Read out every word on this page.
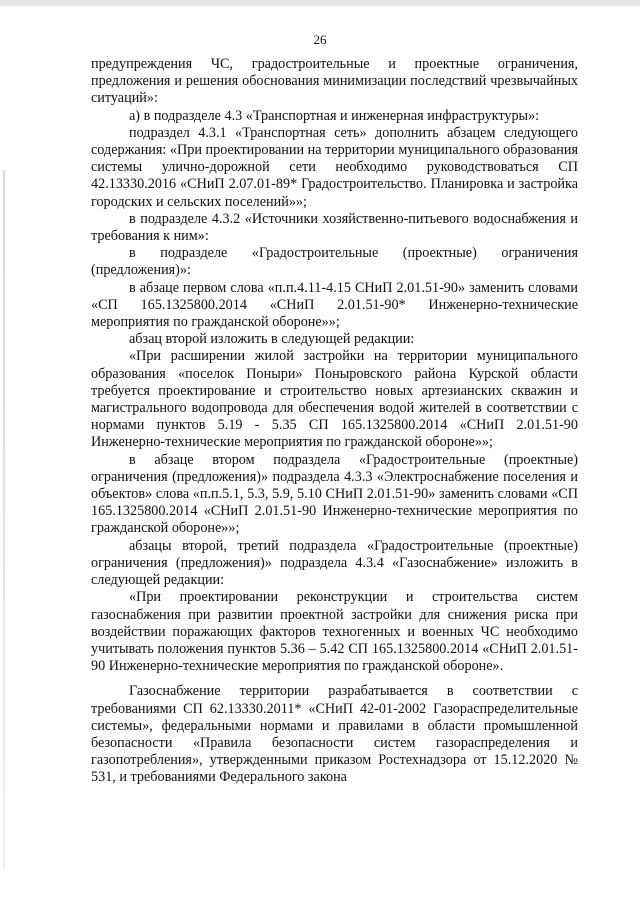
26

предупреждения ЧС, градостроительные и проектные ограничения, предложения и решения обоснования минимизации последствий чрезвычайных ситуаций»:

а) в подразделе 4.3 «Транспортная и инженерная инфраструктуры»:

подраздел 4.3.1 «Транспортная сеть» дополнить абзацем следующего содержания: «При проектировании на территории муниципального образования системы улично-дорожной сети необходимо руководствоваться СП 42.13330.2016 «СНиП 2.07.01-89* Градостроительство. Планировка и застройка городских и сельских поселений»»;

в подразделе 4.3.2 «Источники хозяйственно-питьевого водоснабжения и требования к ним»:

в подразделе «Градостроительные (проектные) ограничения (предложения)»:

в абзаце первом слова «п.п.4.11-4.15 СНиП 2.01.51-90» заменить словами «СП 165.1325800.2014 «СНиП 2.01.51-90* Инженерно-технические мероприятия по гражданской обороне»»;

абзац второй изложить в следующей редакции:

«При расширении жилой застройки на территории муниципального образования «поселок Поныри» Поныровского района Курской области требуется проектирование и строительство новых артезианских скважин и магистрального водопровода для обеспечения водой жителей в соответствии с нормами пунктов 5.19 - 5.35 СП 165.1325800.2014 «СНиП 2.01.51-90 Инженерно-технические мероприятия по гражданской обороне»»;

в абзаце втором подраздела «Градостроительные (проектные) ограничения (предложения)» подраздела 4.3.3 «Электроснабжение поселения и объектов» слова «п.п.5.1, 5.3, 5.9, 5.10 СНиП 2.01.51-90» заменить словами «СП 165.1325800.2014 «СНиП 2.01.51-90 Инженерно-технические мероприятия по гражданской обороне»»;

абзацы второй, третий подраздела «Градостроительные (проектные) ограничения (предложения)» подраздела 4.3.4 «Газоснабжение» изложить в следующей редакции:

«При проектировании реконструкции и строительства систем газоснабжения при развитии проектной застройки для снижения риска при воздействии поражающих факторов техногенных и военных ЧС необходимо учитывать положения пунктов 5.36 – 5.42 СП 165.1325800.2014 «СНиП 2.01.51-90 Инженерно-технические мероприятия по гражданской обороне».

Газоснабжение территории разрабатывается в соответствии с требованиями СП 62.13330.2011* «СНиП 42-01-2002 Газораспределительные системы», федеральными нормами и правилами в области промышленной безопасности «Правила безопасности систем газораспределения и газопотребления», утвержденными приказом Ростехнадзора от 15.12.2020 № 531, и требованиями Федерального закона
